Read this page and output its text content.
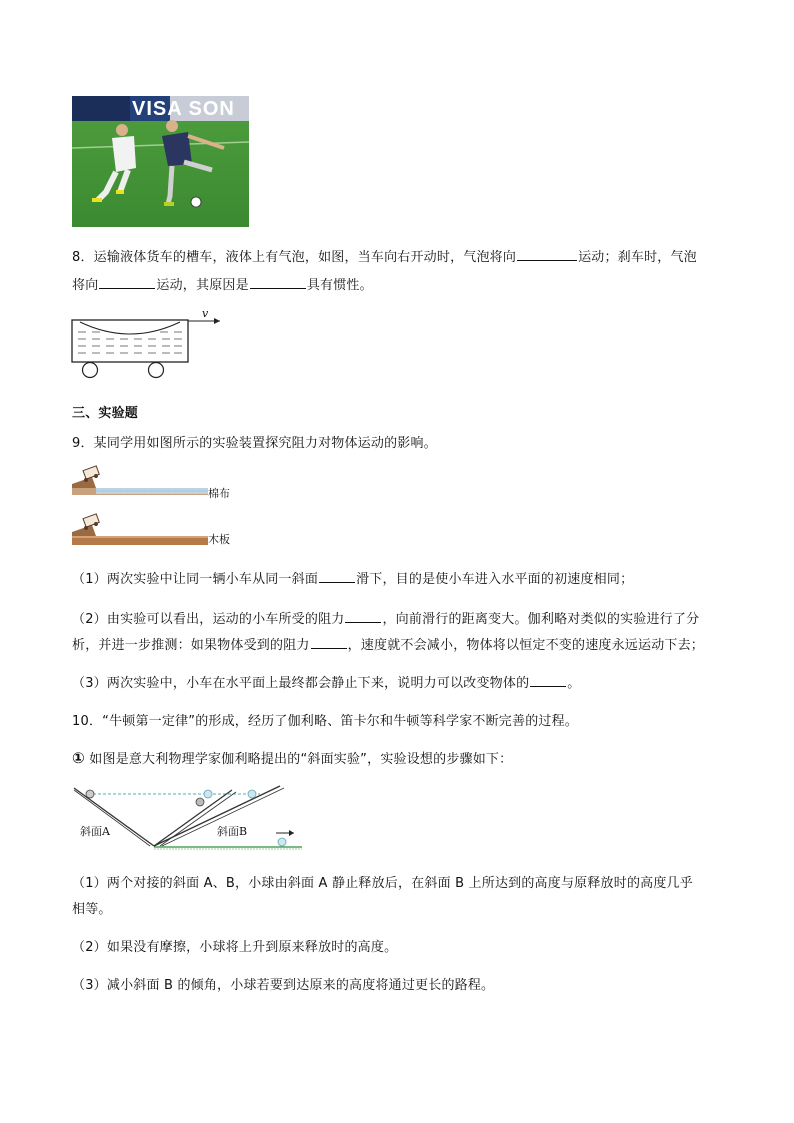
VISA SON
8．运输液体货车的槽车，液体上有气泡，如图，当车向右开动时，气泡将向	运动；刹车时，气泡
将向	运动，其原因是	具有惯性。
v
三、实验题
9．某同学用如图所示的实验装置探究阻力对物体运动的影响。
棉布
木板
（1）两次实验中让同一辆小车从同一斜面	滑下，目的是使小车进入水平面的初速度相同；
（2）由实验可以看出，运动的小车所受的阻力	，向前滑行的距离变大。伽利略对类似的实验进行了分
析，并进一步推测：如果物体受到的阻力	，速度就不会减小，物体将以恒定不变的速度永远运动下去；
（3）两次实验中，小车在水平面上最终都会静止下来，说明力可以改变物体的	。
10．“牛顿第一定律”的形成，经历了伽利略、笛卡尔和牛顿等科学家不断完善的过程。
① 如图是意大利物理学家伽利略提出的“斜面实验”，实验设想的步骤如下：
斜面A	斜面B
（1）两个对接的斜面 A、B，小球由斜面 A 静止释放后，在斜面 B 上所达到的高度与原释放时的高度几乎
相等。
（2）如果没有摩擦，小球将上升到原来释放时的高度。
（3）减小斜面 B 的倾角，小球若要到达原来的高度将通过更长的路程。
